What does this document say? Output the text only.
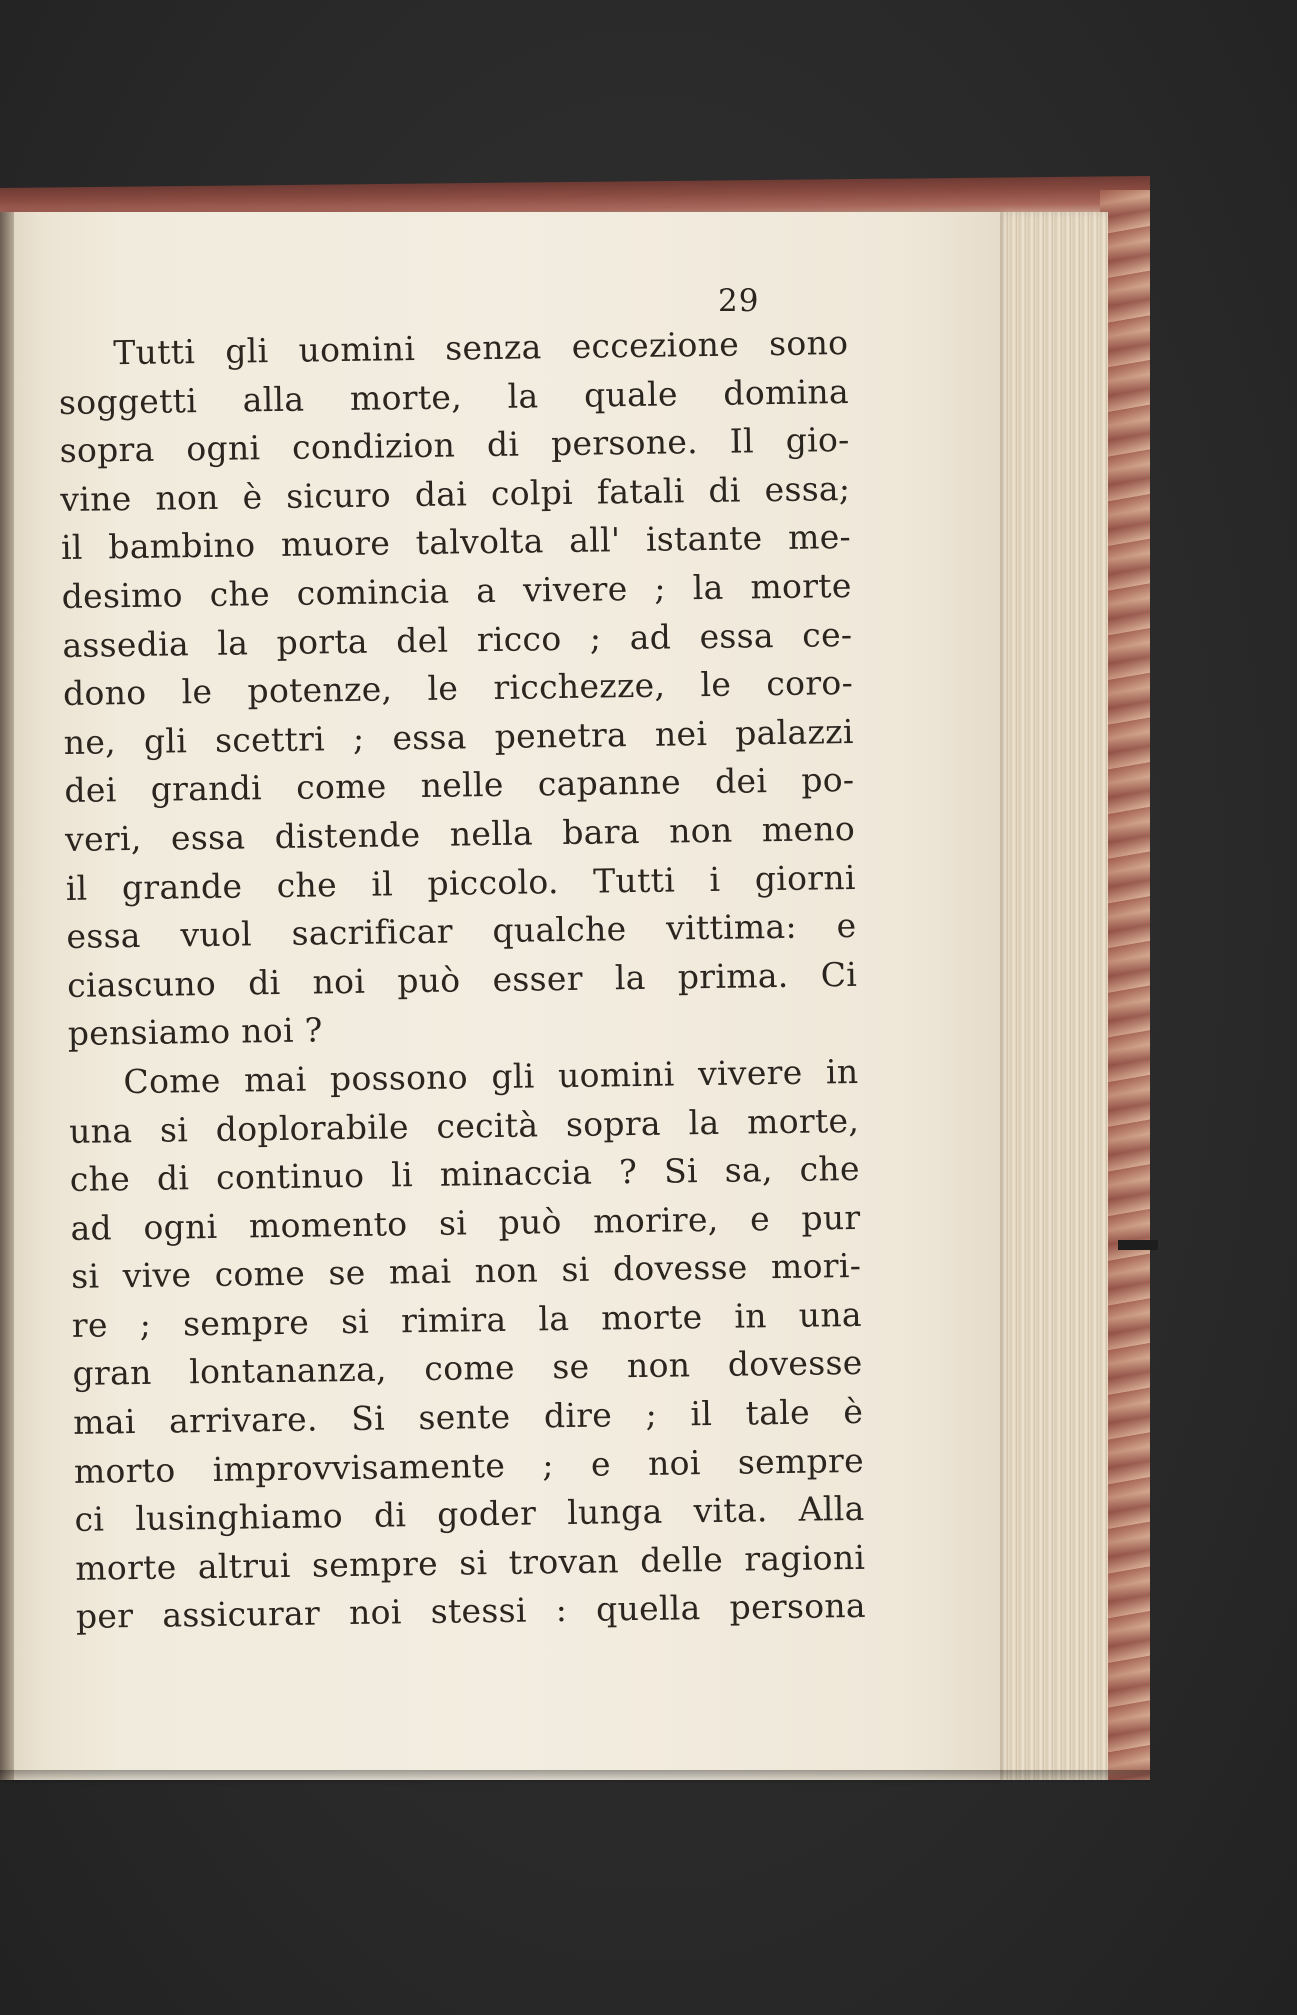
29
Tutti gli uomini senza eccezione sono
soggetti alla morte, la quale domina
sopra ogni condizion di persone. Il gio-
vine non è sicuro dai colpi fatali di essa;
il bambino muore talvolta all' istante me-
desimo che comincia a vivere ; la morte
assedia la porta del ricco ; ad essa ce-
dono le potenze, le ricchezze, le coro-
ne, gli scettri ; essa penetra nei palazzi
dei grandi come nelle capanne dei po-
veri, essa distende nella bara non meno
il grande che il piccolo. Tutti i giorni
essa vuol sacrificar qualche vittima: e
ciascuno di noi può esser la prima. Ci
pensiamo noi ?
Come mai possono gli uomini vivere in
una si doplorabile cecità sopra la morte,
che di continuo li minaccia ? Si sa, che
ad ogni momento si può morire, e pur
si vive come se mai non si dovesse mori-
re ; sempre si rimira la morte in una
gran lontananza, come se non dovesse
mai arrivare. Si sente dire ; il tale è
morto improvvisamente ; e noi sempre
ci lusinghiamo di goder lunga vita. Alla
morte altrui sempre si trovan delle ragioni
per assicurar noi stessi : quella persona
